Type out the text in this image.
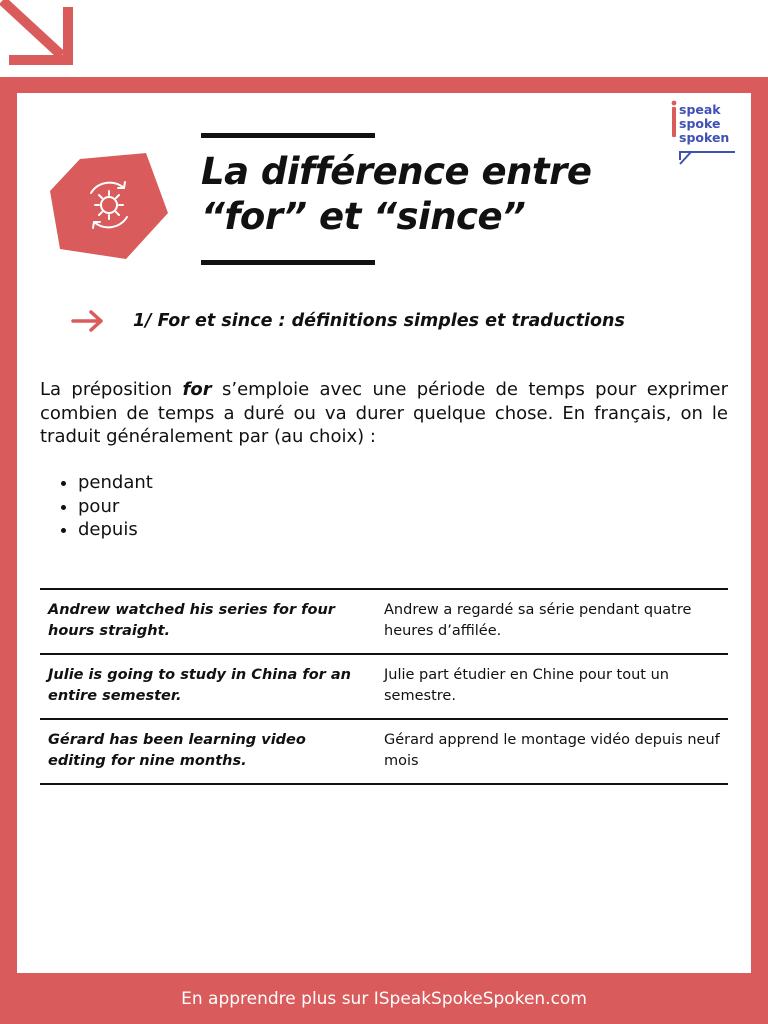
La différence entre
“for” et “since”
speak
spoke
spoken
1/ For et since : définitions simples et traductions

La préposition for s’emploie avec une période de temps pour exprimer combien de temps a duré ou va durer quelque chose. En français, on le traduit généralement par (au choix) :

• pendant
• pour
• depuis
Andrew watched his series for four hours straight.	Andrew a regardé sa série pendant quatre heures d’affilée.
Julie is going to study in China for an entire semester.	Julie part étudier en Chine pour tout un semestre.
Gérard has been learning video editing for nine months.	Gérard apprend le montage vidéo depuis neuf mois
En apprendre plus sur ISpeakSpokeSpoken.com
